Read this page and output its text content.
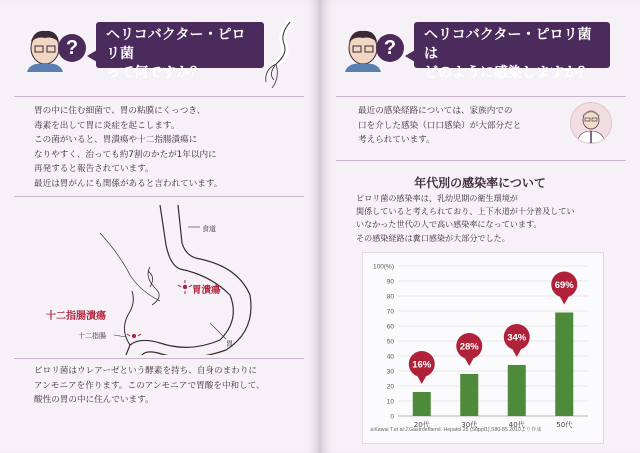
?
ヘリコバクター・ピロリ菌
って何ですか？
胃の中に住む細菌で、胃の粘膜にくっつき、
毒素を出して胃に炎症を起こします。
この菌がいると、胃潰瘍や十二指腸潰瘍に
なりやすく、治っても約7割のかたが1年以内に
再発すると報告されています。
最近は胃がんにも関係があると言われています。
食道
胃潰瘍
十二指腸潰瘍
十二指腸
胃
ピロリ菌はウレアーゼという酵素を持ち、自身のまわりに
アンモニアを作ります。このアンモニアで胃酸を中和して、
酸性の胃の中に住んでいます。
?
ヘリコバクター・ピロリ菌は
どのように感染しますか？
最近の感染経路については、家族内での
口を介した感染（口口感染）が大部分だと
考えられています。
年代別の感染率について
ピロリ菌の感染率は、乳幼児期の衛生環境が
関係していると考えられており、上下水道が十分普及してい
いなかった世代の人で高い感染率になっています。
その感染経路は糞口感染が大部分でした。
0
10
20
30
40
50
60
70
80
90
100(%)
20代
16%
30代
28%
40代
34%
50代
69%
※Kawai T.et al:J.Gastroenterol. Hepatol.25 (Suppl1),S80-85.2010より作成
